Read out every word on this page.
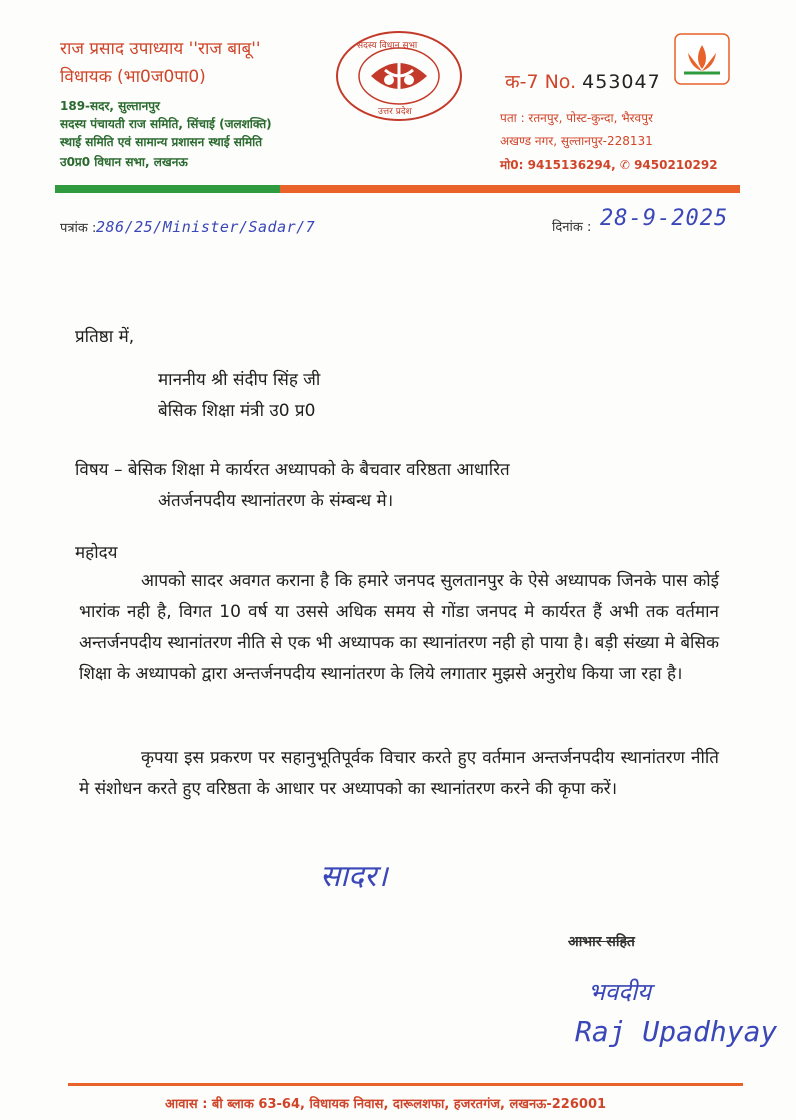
राज प्रसाद उपाध्याय ''राज बाबू''
विधायक (भा0ज0पा0)
189-सदर, सुल्तानपुर
सदस्य पंचायती राज समिति, सिंचाई (जलशक्ति)
स्थाई समिति एवं सामान्य प्रशासन स्थाई समिति
उ0प्र0 विधान सभा, लखनऊ
सदस्य विधान सभा
उत्तर प्रदेश
क-7 No. 453047
पता : रतनपुर, पोस्ट-कुन्दा, भैरवपुर
अखण्ड नगर, सुल्तानपुर-228131
मो0: 9415136294, ✆ 9450210292
पत्रांक : 286/25/Minister/Sadar/7	दिनांक : 28-9-2025
प्रतिष्ठा में,
माननीय श्री संदीप सिंह जी
बेसिक शिक्षा मंत्री उ0 प्र0
विषय – बेसिक शिक्षा मे कार्यरत अध्यापको के बैचवार वरिष्ठता आधारित
अंतर्जनपदीय स्थानांतरण के संम्बन्ध मे।
महोदय
आपको सादर अवगत कराना है कि हमारे जनपद सुलतानपुर के ऐसे अध्यापक जिनके पास कोई भारांक नही है, विगत 10 वर्ष या उससे अधिक समय से गोंडा जनपद मे कार्यरत हैं अभी तक वर्तमान अन्तर्जनपदीय स्थानांतरण नीति से एक भी अध्यापक का स्थानांतरण नही हो पाया है। बड़ी संख्या मे बेसिक शिक्षा के अध्यापको द्वारा अन्तर्जनपदीय स्थानांतरण के लिये लगातार मुझसे अनुरोध किया जा रहा है।
कृपया इस प्रकरण पर सहानुभूतिपूर्वक विचार करते हुए वर्तमान अन्तर्जनपदीय स्थानांतरण नीति मे संशोधन करते हुए वरिष्ठता के आधार पर अध्यापको का स्थानांतरण करने की कृपा करें।
सादर।
आभार सहित
भवदीय
Raj Upadhyay
आवास : बी ब्लाक 63-64, विधायक निवास, दारूलशफा, हजरतगंज, लखनऊ-226001
